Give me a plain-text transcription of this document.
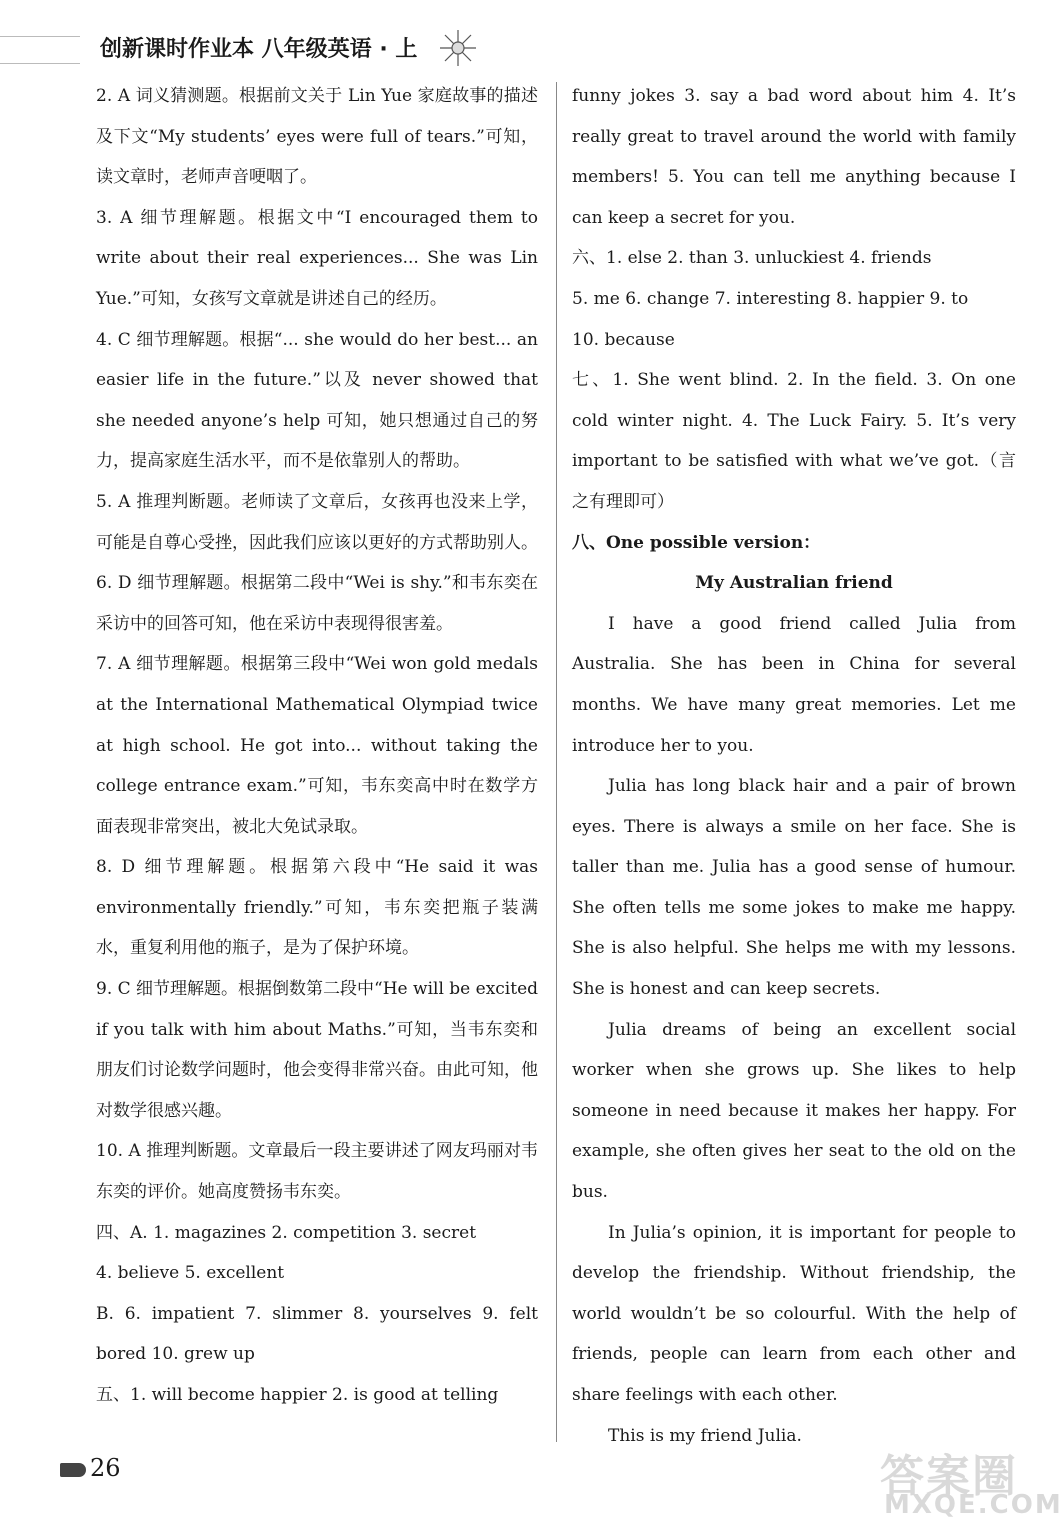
创新课时作业本 八年级英语 · 上

2. A 词义猜测题。根据前文关于 Lin Yue 家庭故事的描述及下文“My students’ eyes were full of tears.”可知，读文章时，老师声音哽咽了。

3. A 细节理解题。根据文中“I encouraged them to write about their real experiences... She was Lin Yue.”可知，女孩写文章就是讲述自己的经历。

4. C 细节理解题。根据“... she would do her best... an easier life in the future.”以及 never showed that she needed anyone’s help 可知，她只想通过自己的努力，提高家庭生活水平，而不是依靠别人的帮助。

5. A 推理判断题。老师读了文章后，女孩再也没来上学，可能是自尊心受挫，因此我们应该以更好的方式帮助别人。

6. D 细节理解题。根据第二段中“Wei is shy.”和韦东奕在采访中的回答可知，他在采访中表现得很害羞。

7. A 细节理解题。根据第三段中“Wei won gold medals at the International Mathematical Olympiad twice at high school. He got into... without taking the college entrance exam.”可知，韦东奕高中时在数学方面表现非常突出，被北大免试录取。

8. D 细节理解题。根据第六段中“He said it was environmentally friendly.”可知，韦东奕把瓶子装满水，重复利用他的瓶子，是为了保护环境。

9. C 细节理解题。根据倒数第二段中“He will be excited if you talk with him about Maths.”可知，当韦东奕和朋友们讨论数学问题时，他会变得非常兴奋。由此可知，他对数学很感兴趣。

10. A 推理判断题。文章最后一段主要讲述了网友玛丽对韦东奕的评价。她高度赞扬韦东奕。

四、A. 1. magazines 2. competition 3. secret

4. believe 5. excellent

B. 6. impatient 7. slimmer 8. yourselves 9. felt bored 10. grew up

五、1. will become happier 2. is good at telling

funny jokes 3. say a bad word about him 4. It’s really great to travel around the world with family members! 5. You can tell me anything because I can keep a secret for you.

六、1. else 2. than 3. unluckiest 4. friends

5. me 6. change 7. interesting 8. happier 9. to

10. because

七、1. She went blind. 2. In the field. 3. On one cold winter night. 4. The Luck Fairy. 5. It’s very important to be satisfied with what we’ve got.（言之有理即可）

八、One possible version：

My Australian friend

I have a good friend called Julia from Australia. She has been in China for several months. We have many great memories. Let me introduce her to you.

Julia has long black hair and a pair of brown eyes. There is always a smile on her face. She is taller than me. Julia has a good sense of humour. She often tells me some jokes to make me happy. She is also helpful. She helps me with my lessons. She is honest and can keep secrets.

Julia dreams of being an excellent social worker when she grows up. She likes to help someone in need because it makes her happy. For example, she often gives her seat to the old on the bus.

In Julia’s opinion, it is important for people to develop the friendship. Without friendship, the world wouldn’t be so colourful. With the help of friends, people can learn from each other and share feelings with each other.

This is my friend Julia.

26	答案圈
MXQE.COM
